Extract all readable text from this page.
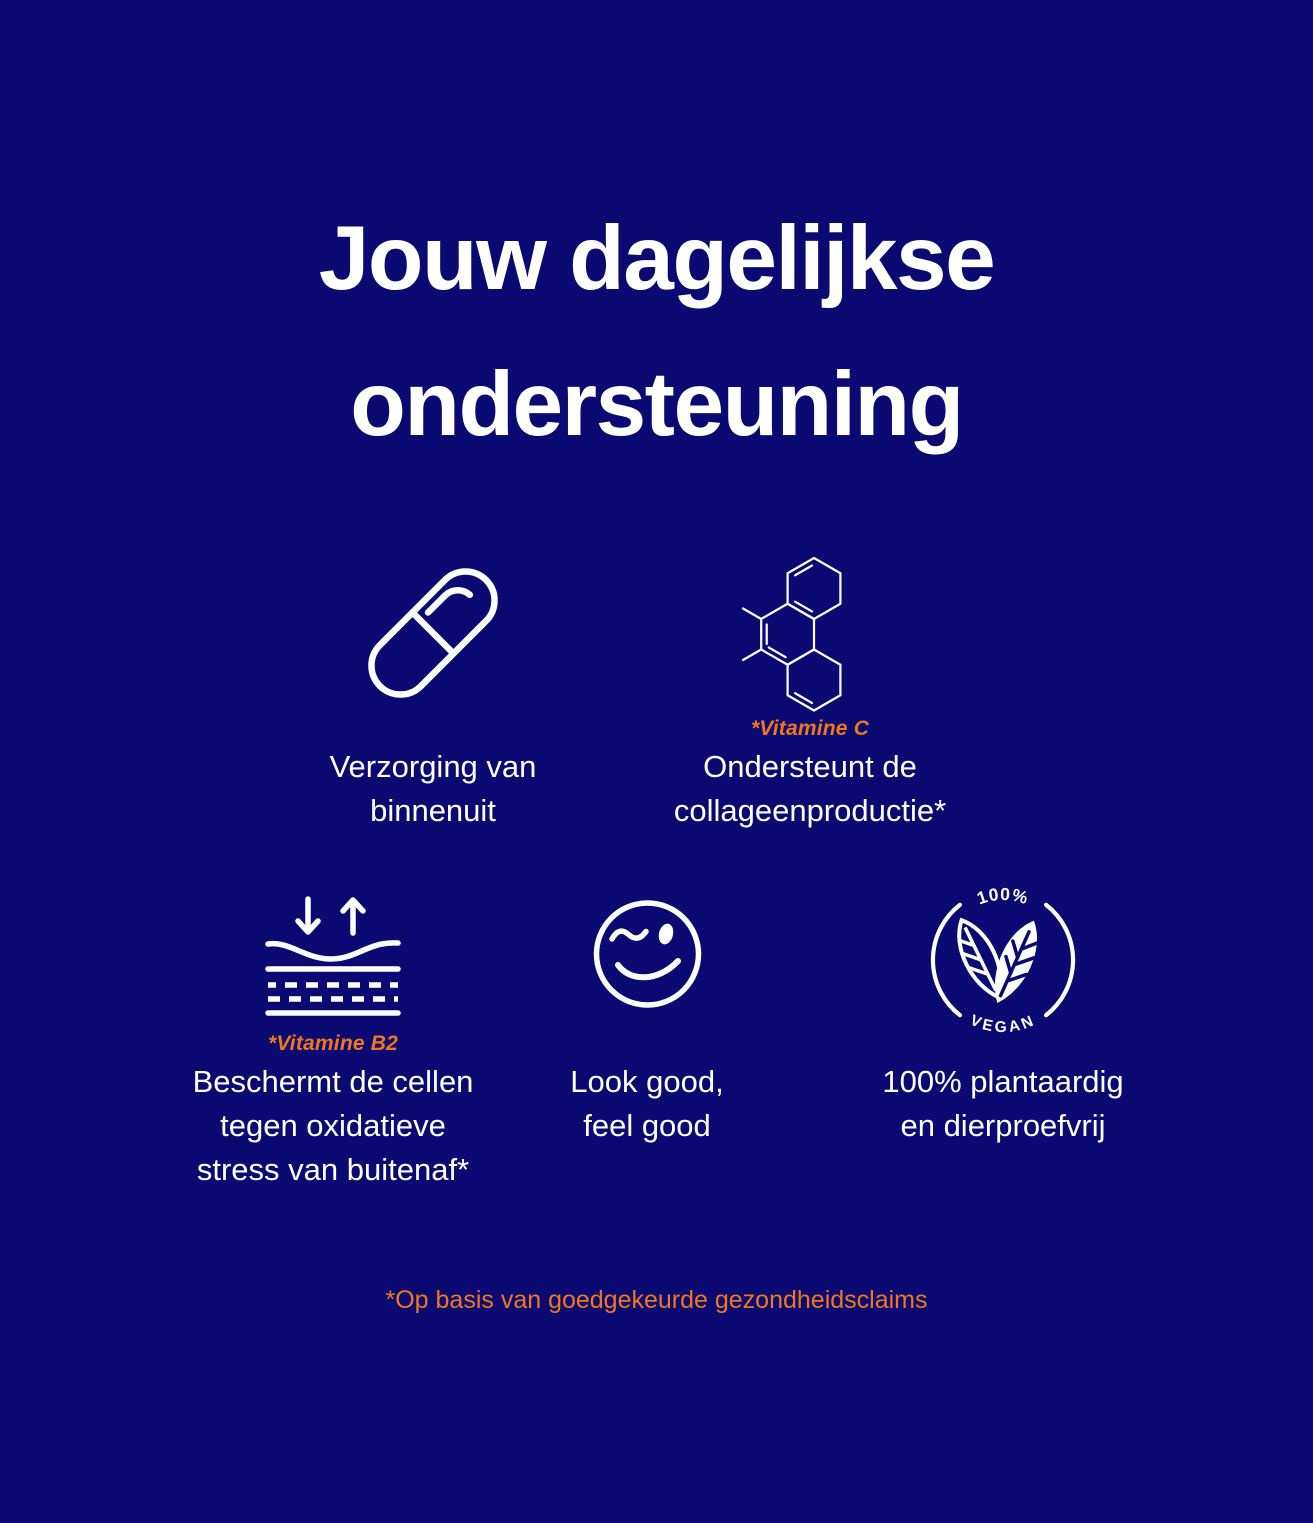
Jouw dagelijkse
ondersteuning
Verzorging van
binnenuit
*Vitamine C
Ondersteunt de
collageenproductie*
*Vitamine B2
Beschermt de cellen
tegen oxidatieve
stress van buitenaf*
Look good,
feel good
100%
VEGAN
100% plantaardig
en dierproefvrij

*Op basis van goedgekeurde gezondheidsclaims
